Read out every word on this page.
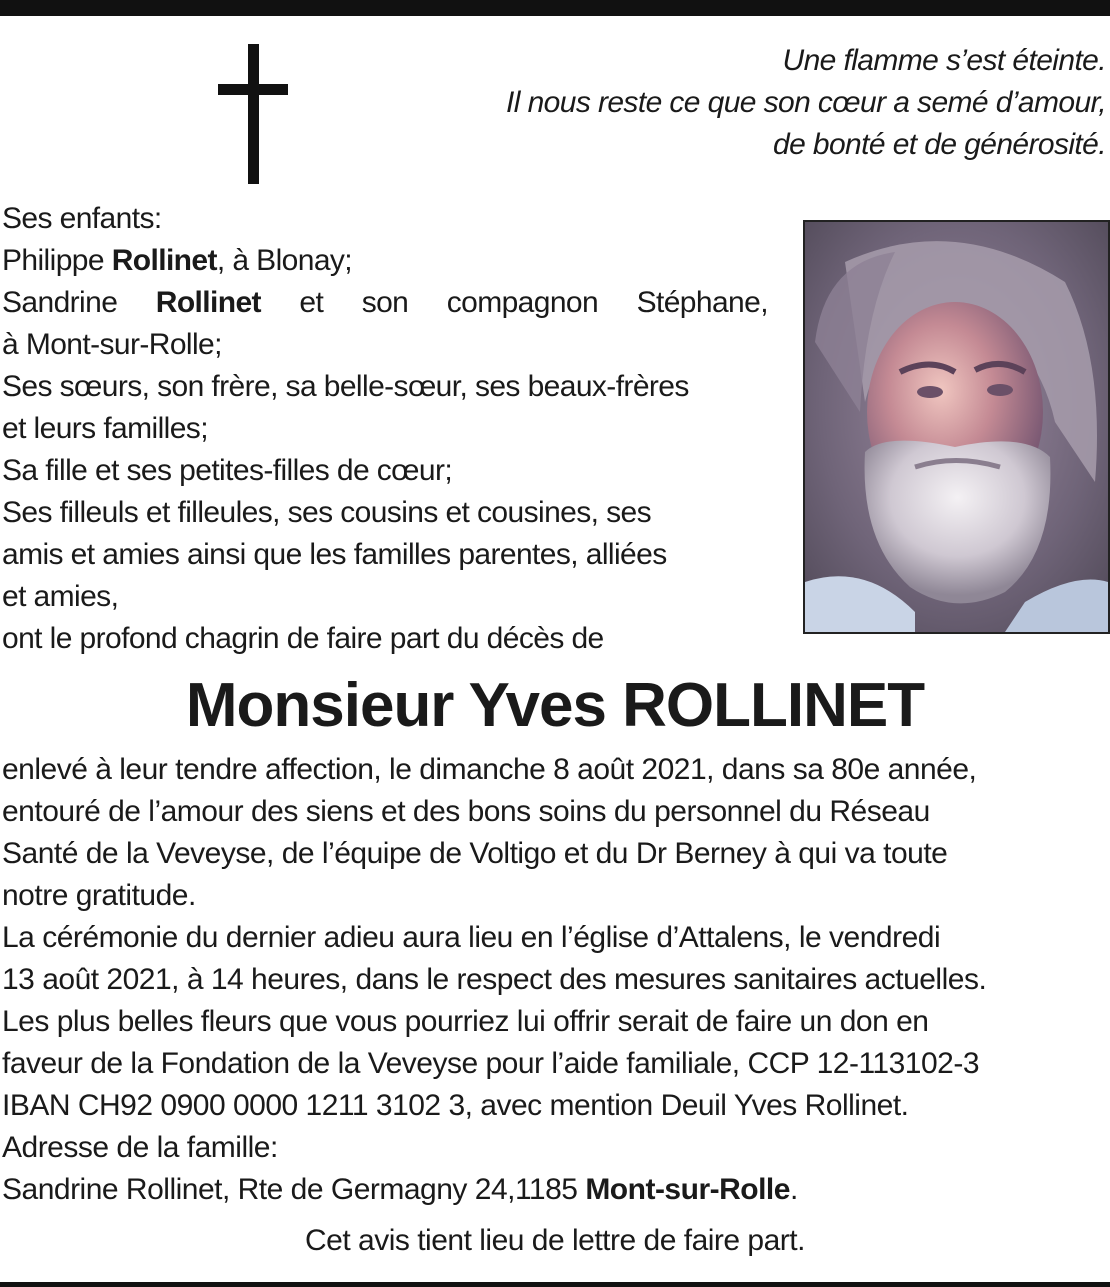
Une flamme s’est éteinte.
Il nous reste ce que son cœur a semé d’amour,
de bonté et de générosité.
Ses enfants:
Philippe Rollinet, à Blonay;
Sandrine Rollinet et son compagnon Stéphane,
à Mont-sur-Rolle;
Ses sœurs, son frère, sa belle-sœur, ses beaux-frères
et leurs familles;
Sa fille et ses petites-filles de cœur;
Ses filleuls et filleules, ses cousins et cousines, ses
amis et amies ainsi que les familles parentes, alliées
et amies,
ont le profond chagrin de faire part du décès de
Monsieur Yves ROLLINET
enlevé à leur tendre affection, le dimanche 8 août 2021, dans sa 80e année,
entouré de l’amour des siens et des bons soins du personnel du Réseau
Santé de la Veveyse, de l’équipe de Voltigo et du Dr Berney à qui va toute
notre gratitude.
La cérémonie du dernier adieu aura lieu en l’église d’Attalens, le vendredi
13 août 2021, à 14 heures, dans le respect des mesures sanitaires actuelles.
Les plus belles fleurs que vous pourriez lui offrir serait de faire un don en
faveur de la Fondation de la Veveyse pour l’aide familiale, CCP 12-113102-3
IBAN CH92 0900 0000 1211 3102 3, avec mention Deuil Yves Rollinet.
Adresse de la famille:
Sandrine Rollinet, Rte de Germagny 24,1185 Mont-sur-Rolle.
Cet avis tient lieu de lettre de faire part.
